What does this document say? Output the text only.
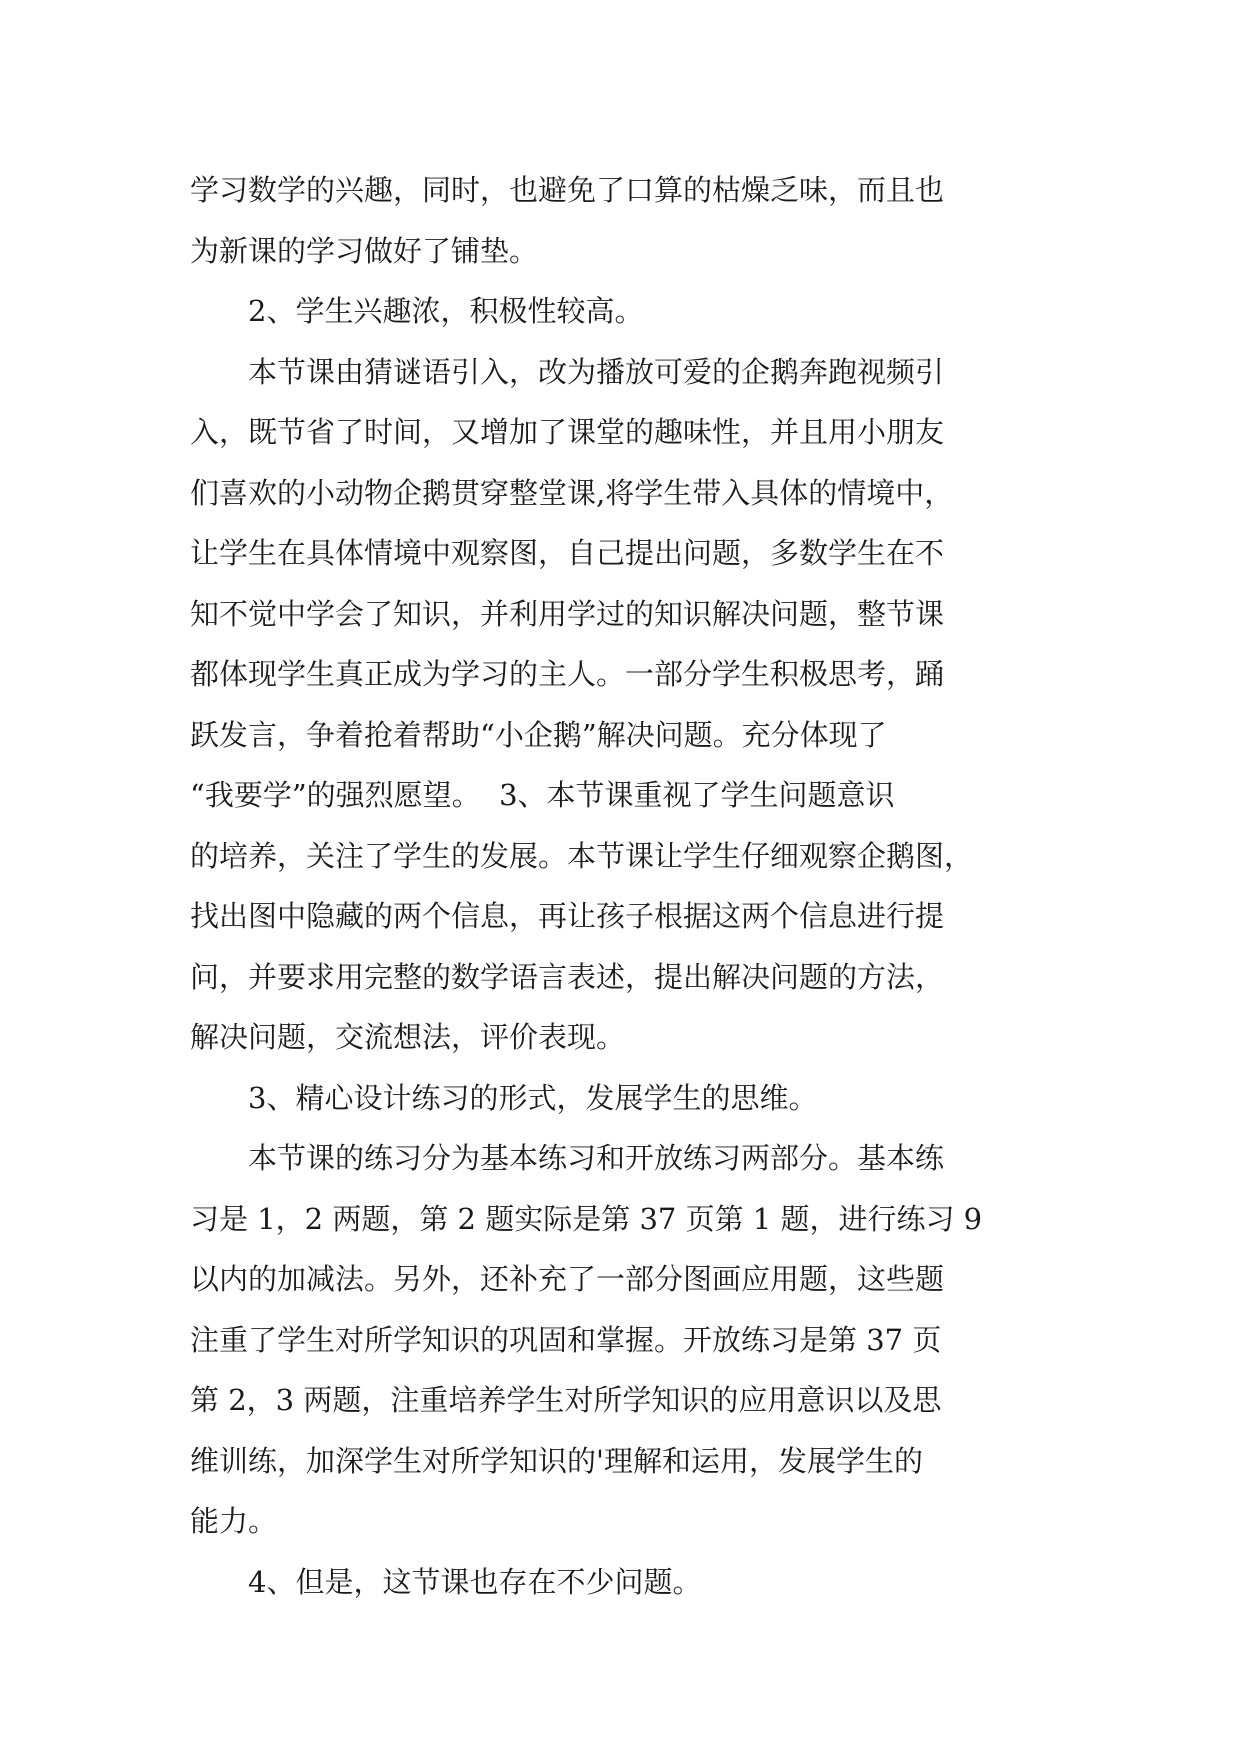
学习数学的兴趣，同时，也避免了口算的枯燥乏味，而且也
为新课的学习做好了铺垫。
2、学生兴趣浓，积极性较高。
本节课由猜谜语引入，改为播放可爱的企鹅奔跑视频引
入，既节省了时间，又增加了课堂的趣味性，并且用小朋友
们喜欢的小动物企鹅贯穿整堂课,将学生带入具体的情境中，
让学生在具体情境中观察图，自己提出问题，多数学生在不
知不觉中学会了知识，并利用学过的知识解决问题，整节课
都体现学生真正成为学习的主人。一部分学生积极思考，踊
跃发言，争着抢着帮助“小企鹅”解决问题。充分体现了
“我要学”的强烈愿望。  3、本节课重视了学生问题意识
的培养，关注了学生的发展。本节课让学生仔细观察企鹅图，
找出图中隐藏的两个信息，再让孩子根据这两个信息进行提
问，并要求用完整的数学语言表述，提出解决问题的方法，
解决问题，交流想法，评价表现。
3、精心设计练习的形式，发展学生的思维。
本节课的练习分为基本练习和开放练习两部分。基本练
习是 1，2 两题，第 2 题实际是第 37 页第 1 题，进行练习 9
以内的加减法。另外，还补充了一部分图画应用题，这些题
注重了学生对所学知识的巩固和掌握。开放练习是第 37 页
第 2，3 两题，注重培养学生对所学知识的应用意识以及思
维训练，加深学生对所学知识的'理解和运用，发展学生的
能力。
4、但是，这节课也存在不少问题。
